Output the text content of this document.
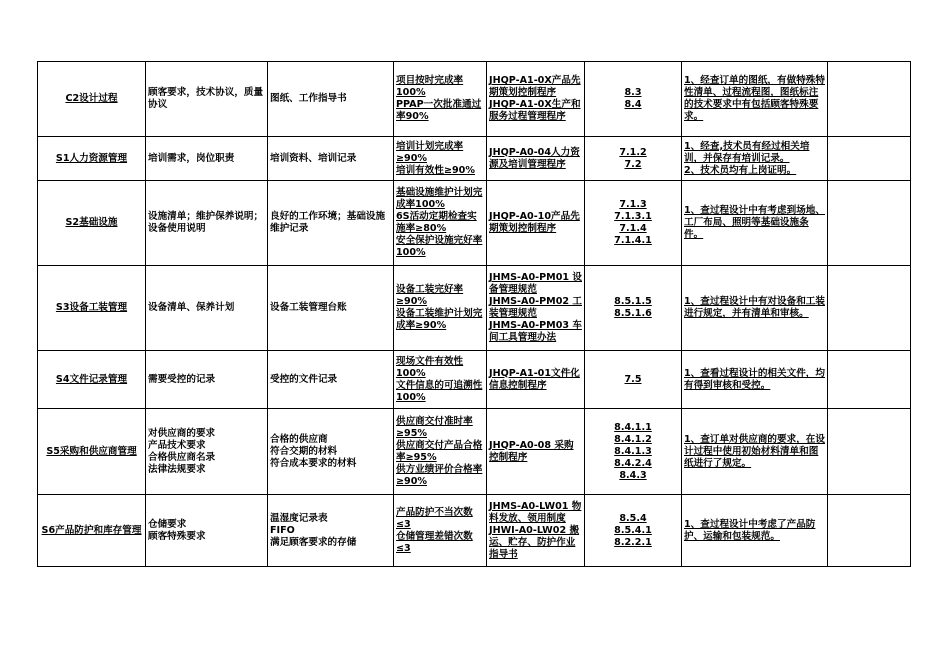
C2设计过程	顾客要求，技术协议，质量协议	图纸、工作指导书	项目按时完成率100%
PPAP一次批准通过率90%	JHQP-A1-0X产品先期策划控制程序
JHQP-A1-0X生产和服务过程管理程序	8.3
8.4	1、经查订单的图纸，有做特殊特性清单、过程流程图，图纸标注的技术要求中有包括顾客特殊要求。	

S1人力资源管理	培训需求，岗位职责	培训资料、培训记录	培训计划完成率≥90%
培训有效性≥90%	JHQP-A0-04人力资源及培训管理程序	7.1.2
7.2	1、经查,技术员有经过相关培训，并保存有培训记录。
2、技术员均有上岗证明。	

S2基础设施	设施清单；维护保养说明；设备使用说明	良好的工作环境；基础设施维护记录	基础设施维护计划完成率100%
6S活动定期检查实施率≥80%
安全保护设施完好率100%	JHQP-A0-10产品先期策划控制程序	7.1.3
7.1.3.1
7.1.4
7.1.4.1	1、查过程设计中有考虑到场地、工厂布局、照明等基础设施条件。	

S3设备工装管理	设备清单、保养计划	设备工装管理台账	设备工装完好率≥90%
设备工装维护计划完成率≥90%	JHMS-A0-PM01 设备管理规范
JHMS-A0-PM02 工装管理规范
JHMS-A0-PM03 车间工具管理办法	8.5.1.5
8.5.1.6	1、查过程设计中有对设备和工装进行规定，并有清单和审核。	

S4文件记录管理	需要受控的记录	受控的文件记录	现场文件有效性100%
文件信息的可追溯性100%	JHQP-A1-01文件化信息控制程序	7.5	1、查看过程设计的相关文件，均有得到审核和受控。	

S5采购和供应商管理	对供应商的要求
产品技术要求
合格供应商名录
法律法规要求	合格的供应商
符合交期的材料
符合成本要求的材料	供应商交付准时率≥95%
供应商交付产品合格率≥95%
供方业绩评价合格率≥90%	JHQP-A0-08 采购控制程序	8.4.1.1
8.4.1.2
8.4.1.3
8.4.2.4
8.4.3	1、查订单对供应商的要求，在设计过程中使用初始材料清单和图纸进行了规定。	

S6产品防护和库存管理	仓储要求
顾客特殊要求	温湿度记录表
FIFO
满足顾客要求的存储	产品防护不当次数≤3
仓储管理差错次数≤3	JHMS-A0-LW01 物料发放、领用制度
JHWI-A0-LW02 搬运、贮存、防护作业指导书	8.5.4
8.5.4.1
8.2.2.1	1、查过程设计中考虑了产品防护、运输和包装规范。	
